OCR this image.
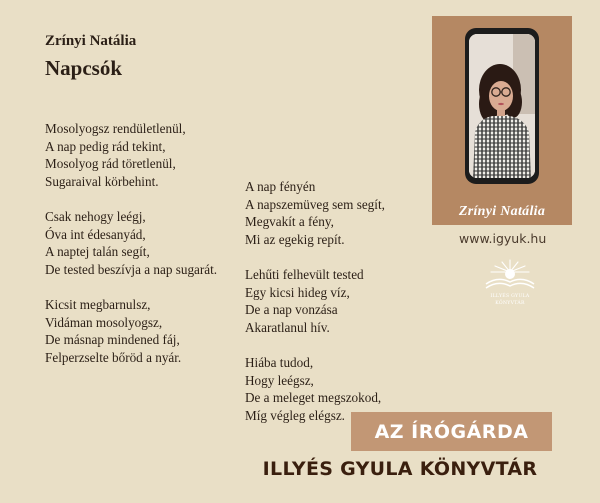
Zrínyi Natália
Napcsók
Mosolyogsz rendületlenül,
A nap pedig rád tekint,
Mosolyog rád töretlenül,
Sugaraival körbehint.
Csak nehogy leégj,
Óva int édesanyád,
A naptej talán segít,
De tested beszívja a nap sugarát.
Kicsit megbarnulsz,
Vidáman mosolyogsz,
De másnap mindened fáj,
Felperzselte bőröd a nyár.
A nap fényén
A napszemüveg sem segít,
Megvakít a fény,
Mi az egekig repít.
Lehűti felhevült tested
Egy kicsi hideg víz,
De a nap vonzása
Akaratlanul hív.
Hiába tudod,
Hogy leégsz,
De a meleget megszokod,
Míg végleg elégsz.
Zrínyi Natália
www.igyuk.hu
ILLYÉS GYULA
KÖNYVTÁR
AZ ÍRÓGÁRDA
ILLYÉS GYULA KÖNYVTÁR
